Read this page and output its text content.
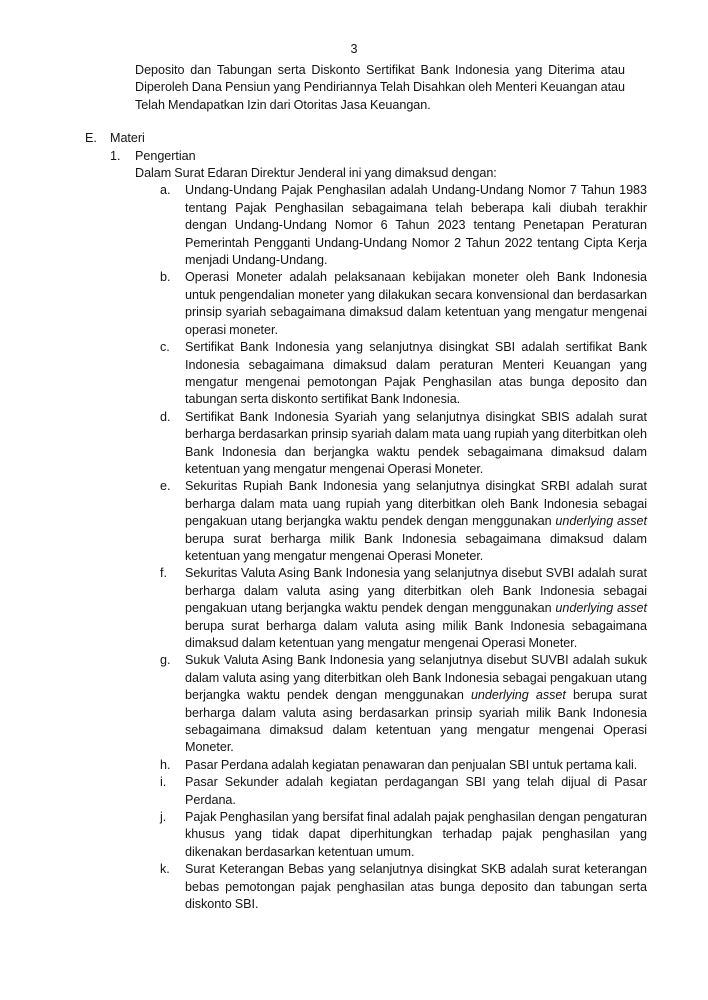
3

Deposito dan Tabungan serta Diskonto Sertifikat Bank Indonesia yang Diterima atau Diperoleh Dana Pensiun yang Pendiriannya Telah Disahkan oleh Menteri Keuangan atau Telah Mendapatkan Izin dari Otoritas Jasa Keuangan.

E.	Materi
1.	Pengertian

Dalam Surat Edaran Direktur Jenderal ini yang dimaksud dengan:

a.	Undang-Undang Pajak Penghasilan adalah Undang-Undang Nomor 7 Tahun 1983 tentang Pajak Penghasilan sebagaimana telah beberapa kali diubah terakhir dengan Undang-Undang Nomor 6 Tahun 2023 tentang Penetapan Peraturan Pemerintah Pengganti Undang-Undang Nomor 2 Tahun 2022 tentang Cipta Kerja menjadi Undang-Undang.

b.	Operasi Moneter adalah pelaksanaan kebijakan moneter oleh Bank Indonesia untuk pengendalian moneter yang dilakukan secara konvensional dan berdasarkan prinsip syariah sebagaimana dimaksud dalam ketentuan yang mengatur mengenai operasi moneter.

c.	Sertifikat Bank Indonesia yang selanjutnya disingkat SBI adalah sertifikat Bank Indonesia sebagaimana dimaksud dalam peraturan Menteri Keuangan yang mengatur mengenai pemotongan Pajak Penghasilan atas bunga deposito dan tabungan serta diskonto sertifikat Bank Indonesia.

d.	Sertifikat Bank Indonesia Syariah yang selanjutnya disingkat SBIS adalah surat berharga berdasarkan prinsip syariah dalam mata uang rupiah yang diterbitkan oleh Bank Indonesia dan berjangka waktu pendek sebagaimana dimaksud dalam ketentuan yang mengatur mengenai Operasi Moneter.

e.	Sekuritas Rupiah Bank Indonesia yang selanjutnya disingkat SRBI adalah surat berharga dalam mata uang rupiah yang diterbitkan oleh Bank Indonesia sebagai pengakuan utang berjangka waktu pendek dengan menggunakan underlying asset berupa surat berharga milik Bank Indonesia sebagaimana dimaksud dalam ketentuan yang mengatur mengenai Operasi Moneter.

f.	Sekuritas Valuta Asing Bank Indonesia yang selanjutnya disebut SVBI adalah surat berharga dalam valuta asing yang diterbitkan oleh Bank Indonesia sebagai pengakuan utang berjangka waktu pendek dengan menggunakan underlying asset berupa surat berharga dalam valuta asing milik Bank Indonesia sebagaimana dimaksud dalam ketentuan yang mengatur mengenai Operasi Moneter.

g.	Sukuk Valuta Asing Bank Indonesia yang selanjutnya disebut SUVBI adalah sukuk dalam valuta asing yang diterbitkan oleh Bank Indonesia sebagai pengakuan utang berjangka waktu pendek dengan menggunakan underlying asset berupa surat berharga dalam valuta asing berdasarkan prinsip syariah milik Bank Indonesia sebagaimana dimaksud dalam ketentuan yang mengatur mengenai Operasi Moneter.

h.	Pasar Perdana adalah kegiatan penawaran dan penjualan SBI untuk pertama kali.

i.	Pasar Sekunder adalah kegiatan perdagangan SBI yang telah dijual di Pasar Perdana.

j.	Pajak Penghasilan yang bersifat final adalah pajak penghasilan dengan pengaturan khusus yang tidak dapat diperhitungkan terhadap pajak penghasilan yang dikenakan berdasarkan ketentuan umum.

k.	Surat Keterangan Bebas yang selanjutnya disingkat SKB adalah surat keterangan bebas pemotongan pajak penghasilan atas bunga deposito dan tabungan serta diskonto SBI.
